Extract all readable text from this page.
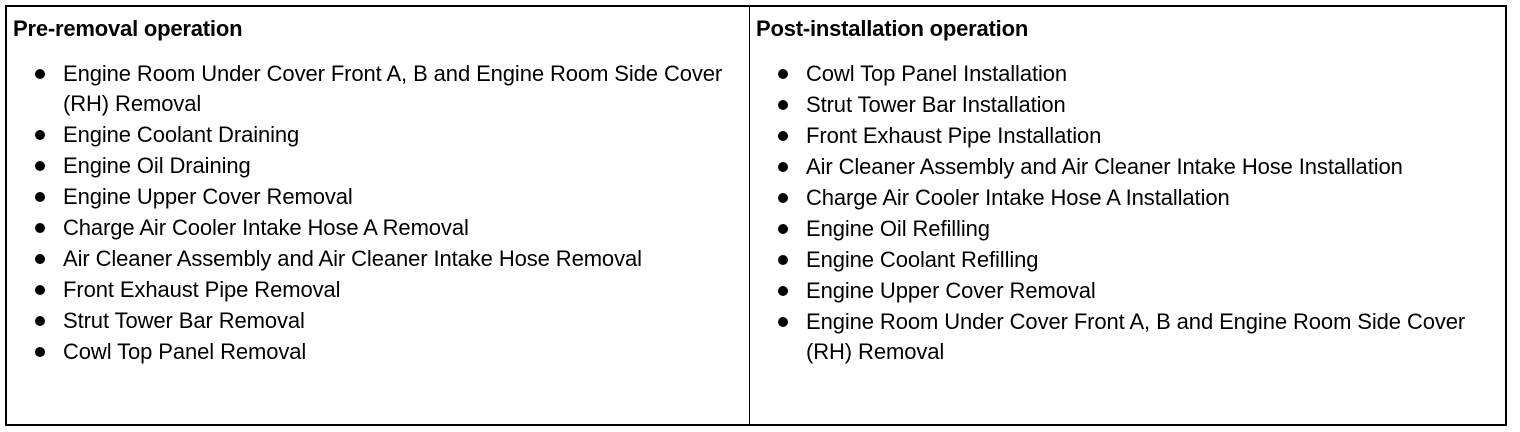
Pre-removal operation
Engine Room Under Cover Front A, B and Engine Room Side Cover (RH) Removal
Engine Coolant Draining
Engine Oil Draining
Engine Upper Cover Removal
Charge Air Cooler Intake Hose A Removal
Air Cleaner Assembly and Air Cleaner Intake Hose Removal
Front Exhaust Pipe Removal
Strut Tower Bar Removal
Cowl Top Panel Removal
Post-installation operation
Cowl Top Panel Installation
Strut Tower Bar Installation
Front Exhaust Pipe Installation
Air Cleaner Assembly and Air Cleaner Intake Hose Installation
Charge Air Cooler Intake Hose A Installation
Engine Oil Refilling
Engine Coolant Refilling
Engine Upper Cover Removal
Engine Room Under Cover Front A, B and Engine Room Side Cover (RH) Removal
